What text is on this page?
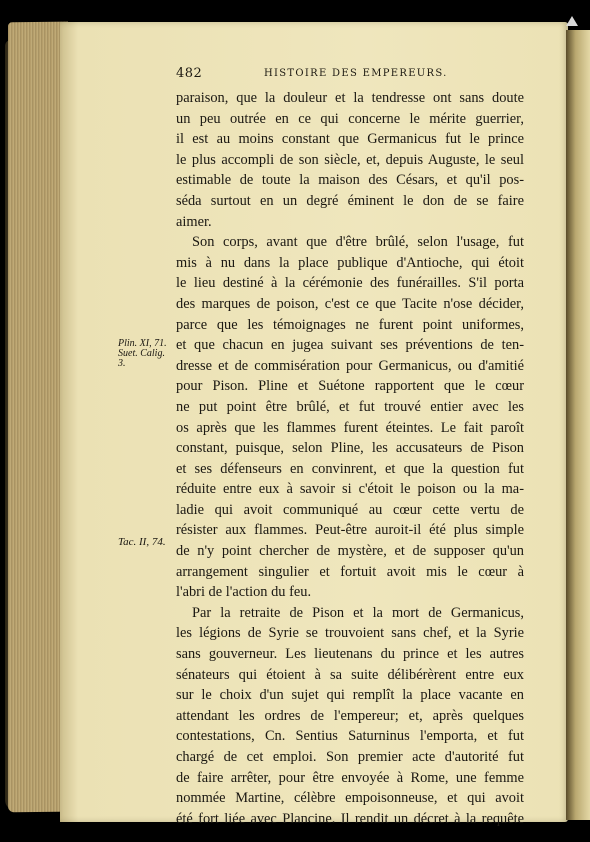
482	HISTOIRE DES EMPEREURS.
paraison, que la douleur et la tendresse ont sans doute
un peu outrée en ce qui concerne le mérite guerrier,
il est au moins constant que Germanicus fut le prince
le plus accompli de son siècle, et, depuis Auguste, le seul
estimable de toute la maison des Césars, et qu'il pos-
séda surtout en un degré éminent le don de se faire
aimer.
Son corps, avant que d'être brûlé, selon l'usage, fut
mis à nu dans la place publique d'Antioche, qui étoit
le lieu destiné à la cérémonie des funérailles. S'il porta
des marques de poison, c'est ce que Tacite n'ose décider,
parce que les témoignages ne furent point uniformes,
et que chacun en jugea suivant ses préventions de ten-
dresse et de commisération pour Germanicus, ou d'amitié
pour Pison. Pline et Suétone rapportent que le cœur
ne put point être brûlé, et fut trouvé entier avec les
os après que les flammes furent éteintes. Le fait paroît
constant, puisque, selon Pline, les accusateurs de Pison
et ses défenseurs en convinrent, et que la question fut
réduite entre eux à savoir si c'étoit le poison ou la ma-
ladie qui avoit communiqué au cœur cette vertu de
résister aux flammes. Peut-être auroit-il été plus simple
de n'y point chercher de mystère, et de supposer qu'un
arrangement singulier et fortuit avoit mis le cœur à
l'abri de l'action du feu.
Par la retraite de Pison et la mort de Germanicus,
les légions de Syrie se trouvoient sans chef, et la Syrie
sans gouverneur. Les lieutenans du prince et les autres
sénateurs qui étoient à sa suite délibérèrent entre eux
sur le choix d'un sujet qui remplît la place vacante en
attendant les ordres de l'empereur; et, après quelques
contestations, Cn. Sentius Saturninus l'emporta, et fut
chargé de cet emploi. Son premier acte d'autorité fut
de faire arrêter, pour être envoyée à Rome, une femme
nommée Martine, célèbre empoisonneuse, et qui avoit
été fort liée avec Plancine. Il rendit un décret à la requête
Plin. XI, 71.
Suet. Calig.
3.
Tac. II, 74.
